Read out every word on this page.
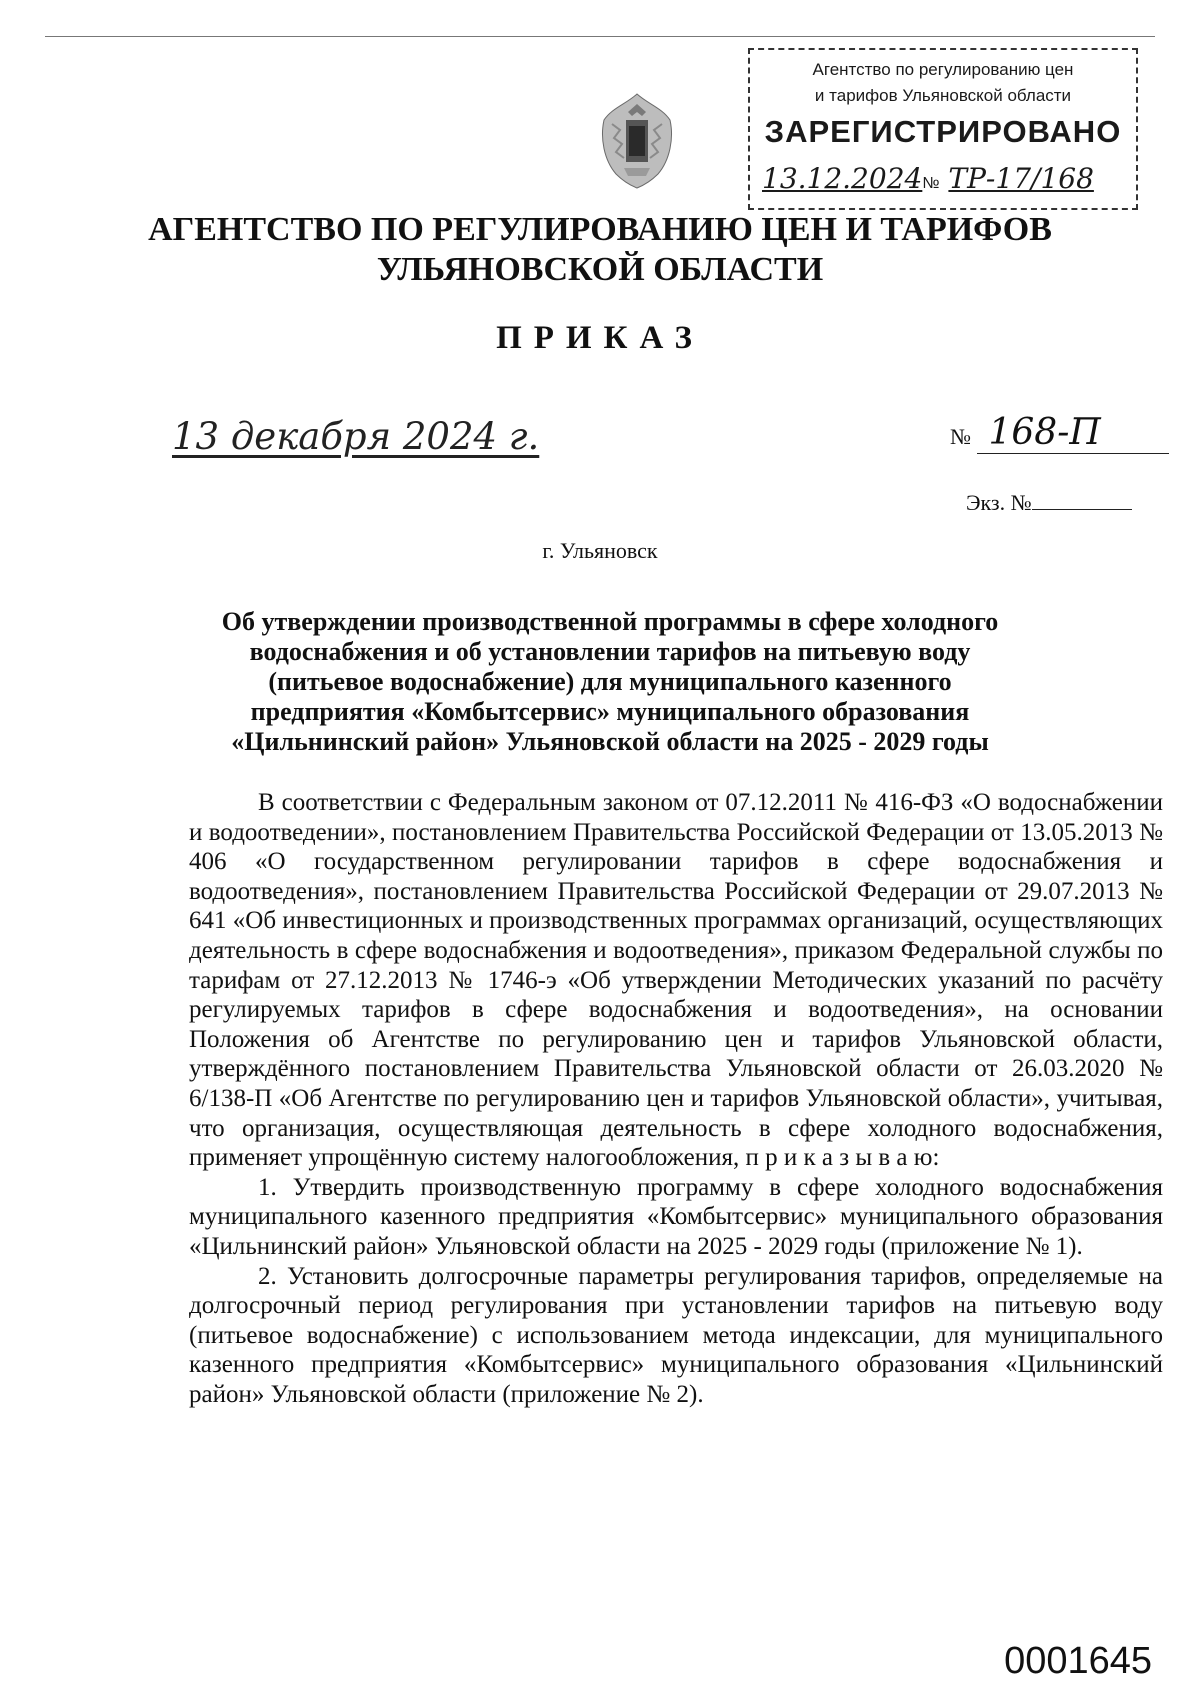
Агентство по регулированию цен
и тарифов Ульяновской области
ЗАРЕГИСТРИРОВАНО
13.12.2024№ ТР-17/168
АГЕНТСТВО ПО РЕГУЛИРОВАНИЮ ЦЕН И ТАРИФОВ
УЛЬЯНОВСКОЙ ОБЛАСТИ
ПРИКАЗ
13 декабря 2024 г.	№ 168-П
Экз. №
г. Ульяновск
Об утверждении производственной программы в сфере холодного водоснабжения и об установлении тарифов на питьевую воду (питьевое водоснабжение) для муниципального казенного предприятия «Комбытсервис» муниципального образования «Цильнинский район» Ульяновской области на 2025 - 2029 годы

В соответствии с Федеральным законом от 07.12.2011 № 416-ФЗ «О водоснабжении и водоотведении», постановлением Правительства Российской Федерации от 13.05.2013 № 406 «О государственном регулировании тарифов в сфере водоснабжения и водоотведения», постановлением Правительства Российской Федерации от 29.07.2013 № 641 «Об инвестиционных и производственных программах организаций, осуществляющих деятельность в сфере водоснабжения и водоотведения», приказом Федеральной службы по тарифам от 27.12.2013 № 1746-э «Об утверждении Методических указаний по расчёту регулируемых тарифов в сфере водоснабжения и водоотведения», на основании Положения об Агентстве по регулированию цен и тарифов Ульяновской области, утверждённого постановлением Правительства Ульяновской области от 26.03.2020 № 6/138-П «Об Агентстве по регулированию цен и тарифов Ульяновской области», учитывая, что организация, осуществляющая деятельность в сфере холодного водоснабжения, применяет упрощённую систему налогообложения, п р и к а з ы в а ю:

1. Утвердить производственную программу в сфере холодного водоснабжения муниципального казенного предприятия «Комбытсервис» муниципального образования «Цильнинский район» Ульяновской области на 2025 - 2029 годы (приложение № 1).

2. Установить долгосрочные параметры регулирования тарифов, определяемые на долгосрочный период регулирования при установлении тарифов на питьевую воду (питьевое водоснабжение) с использованием метода индексации, для муниципального казенного предприятия «Комбытсервис» муниципального образования «Цильнинский район» Ульяновской области (приложение № 2).

0001645
